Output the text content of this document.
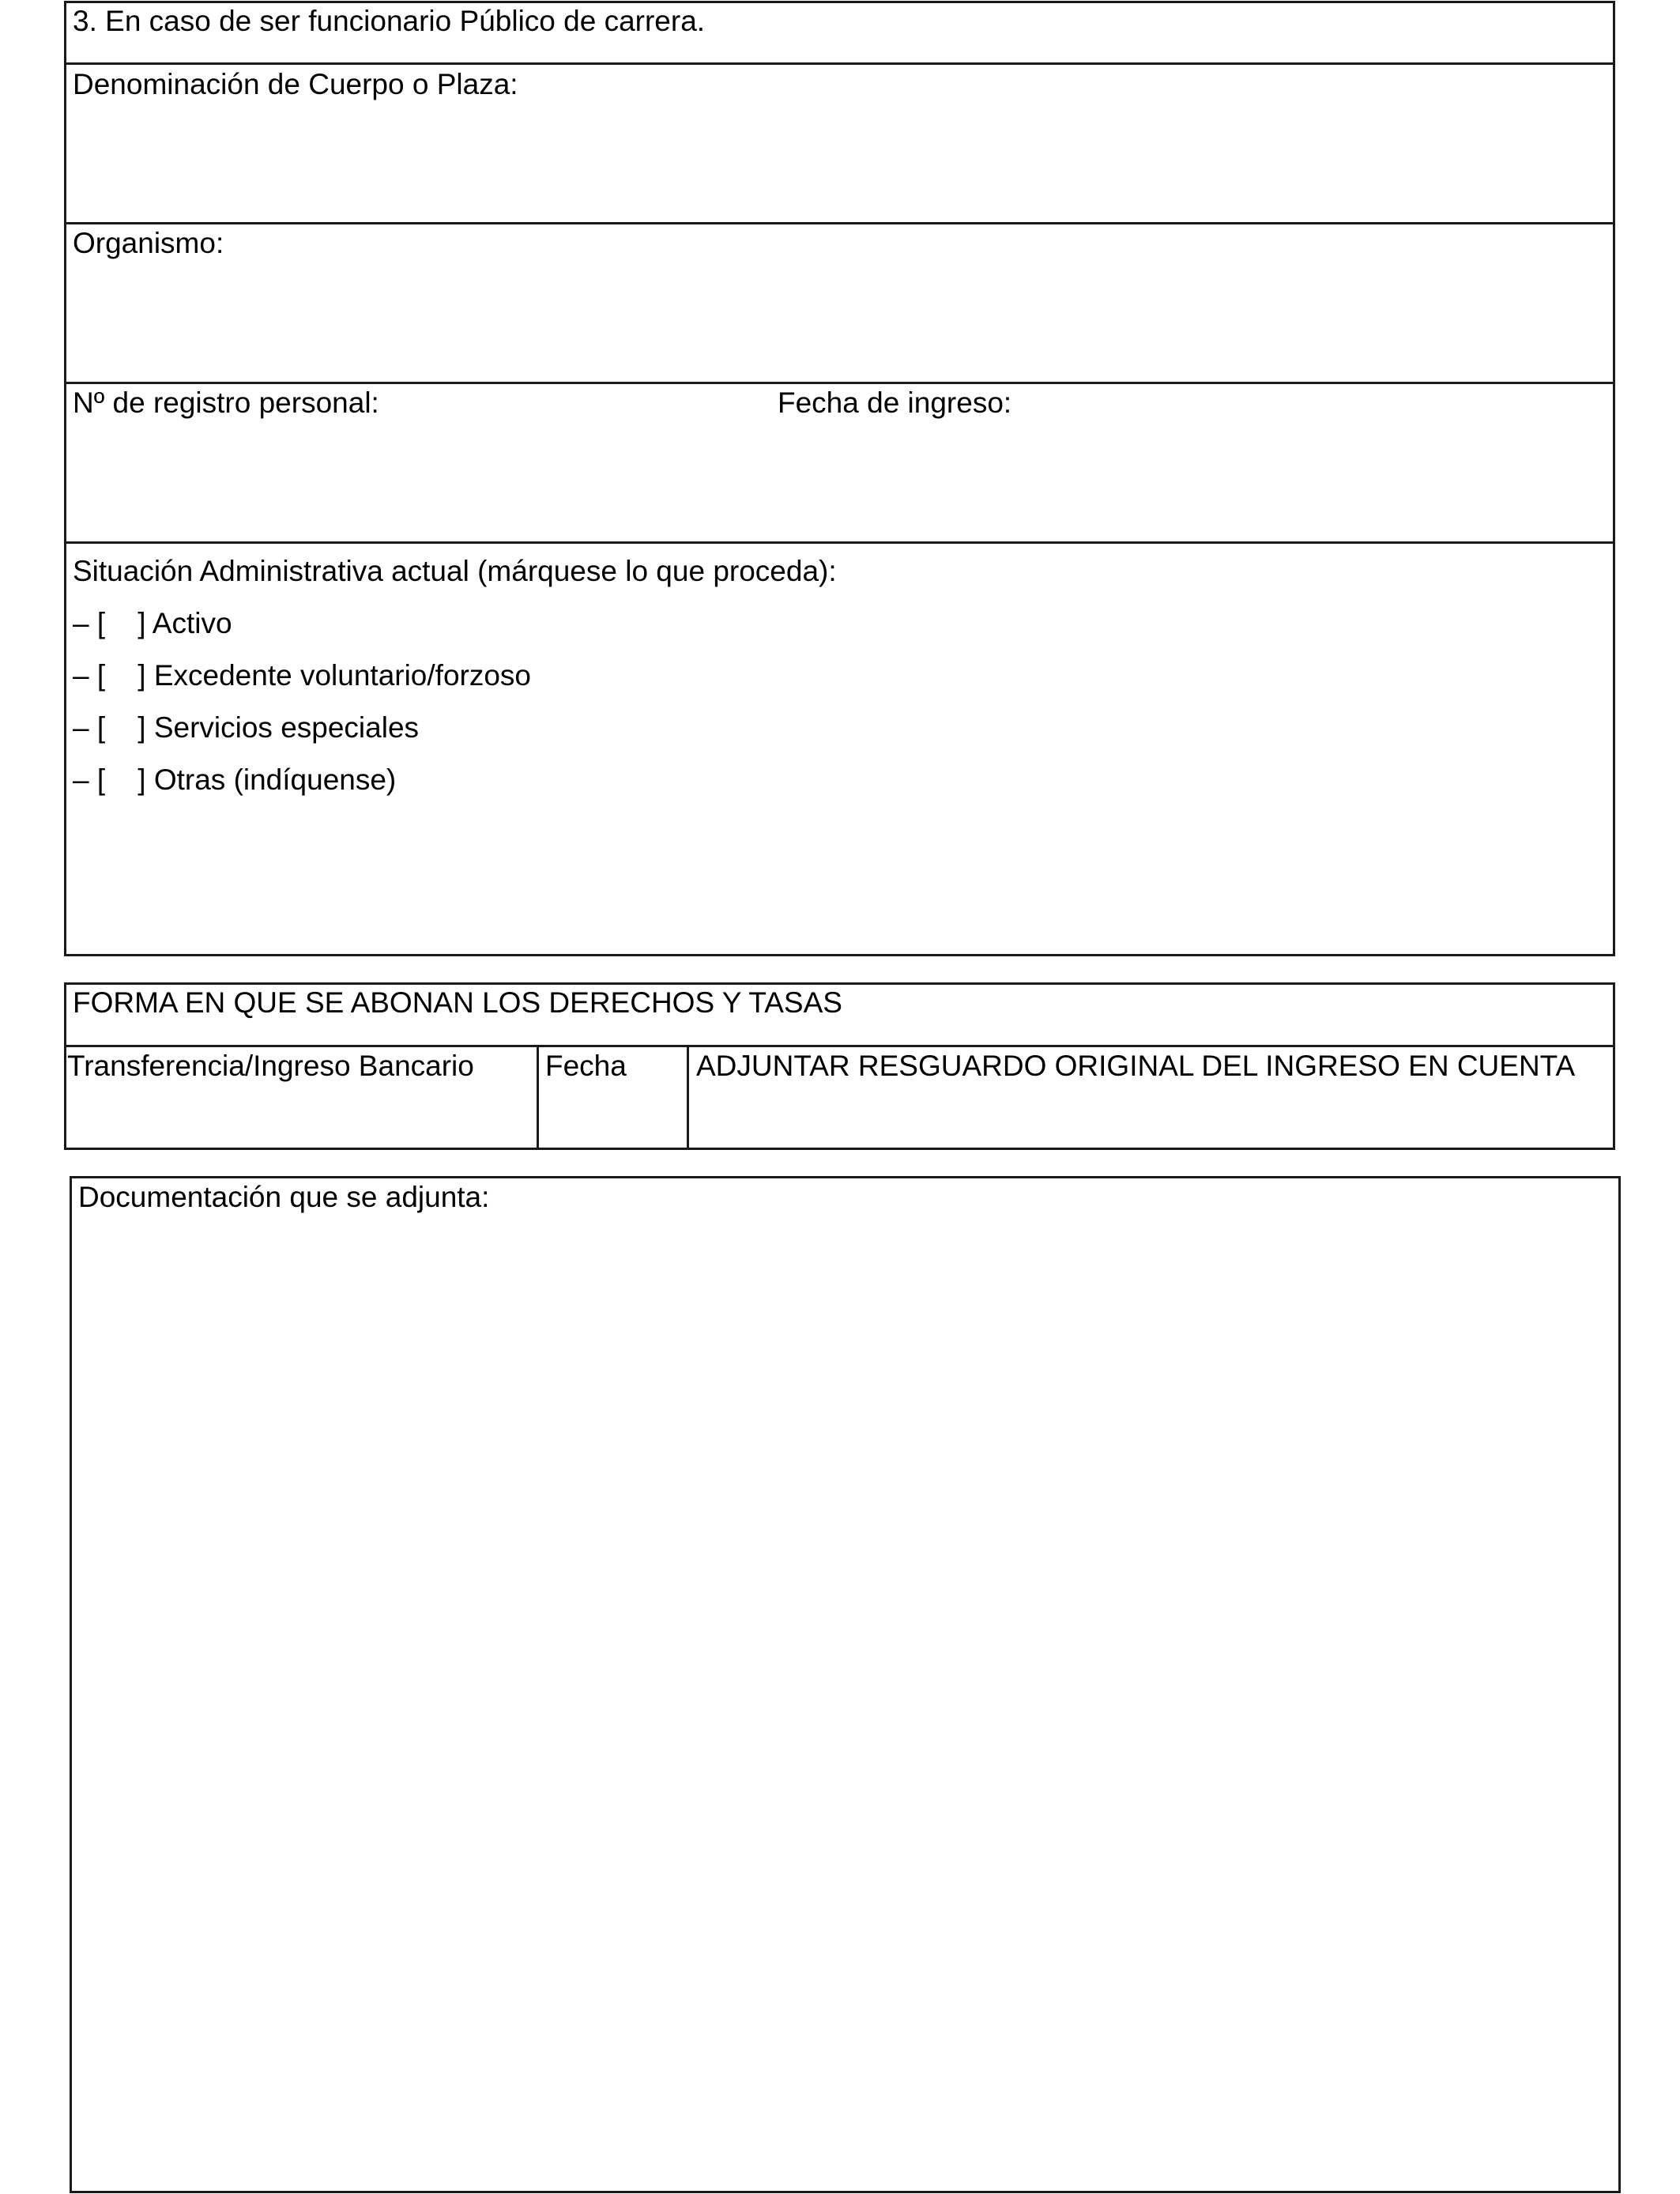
3. En caso de ser funcionario Público de carrera.
Denominación de Cuerpo o Plaza:
Organismo:
Nº de registro personal:	Fecha de ingreso:
Situación Administrativa actual (márquese lo que proceda):
– [    ] Activo
– [    ] Excedente voluntario/forzoso
– [    ] Servicios especiales
– [    ] Otras (indíquense)
FORMA EN QUE SE ABONAN LOS DERECHOS Y TASAS
Transferencia/Ingreso Bancario Fecha ADJUNTAR RESGUARDO ORIGINAL DEL INGRESO EN CUENTA
Documentación que se adjunta:
